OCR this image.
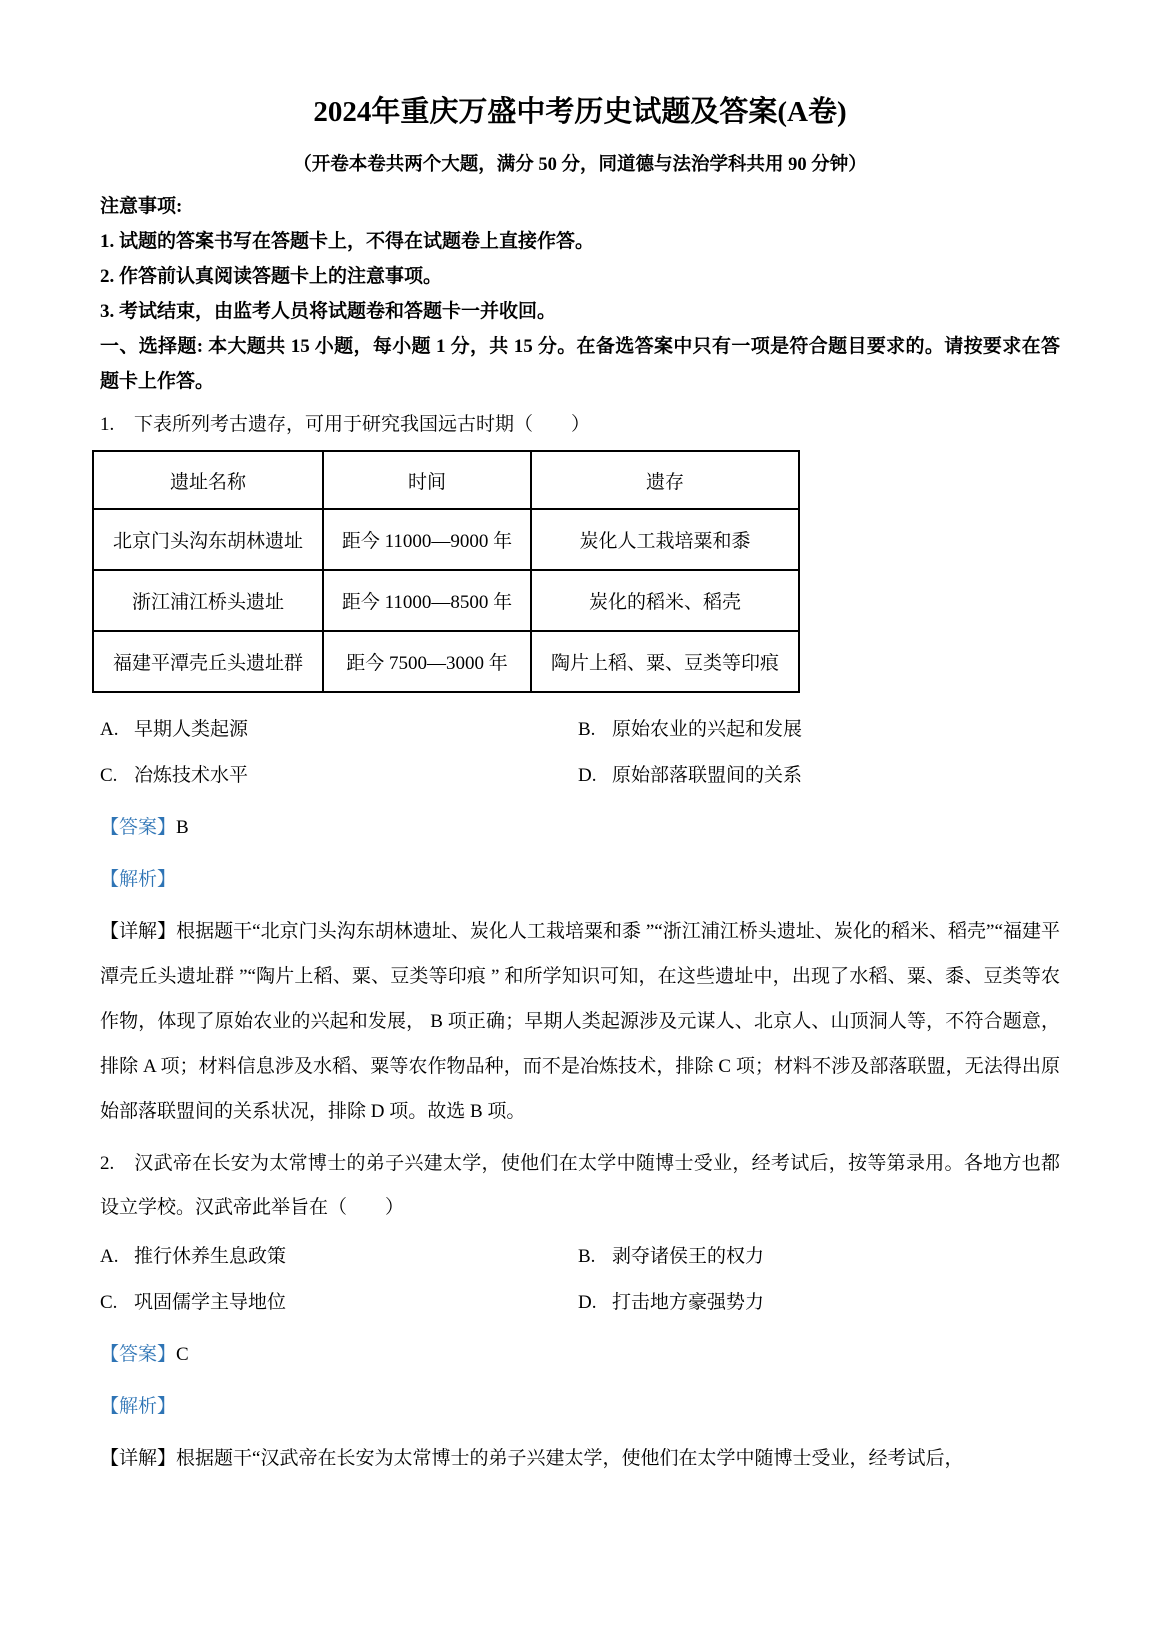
2024年重庆万盛中考历史试题及答案(A卷)

（开卷本卷共两个大题，满分 50 分，同道德与法治学科共用 90 分钟）

注意事项:

1. 试题的答案书写在答题卡上，不得在试题卷上直接作答。

2. 作答前认真阅读答题卡上的注意事项。

3. 考试结束，由监考人员将试题卷和答题卡一并收回。

一、选择题: 本大题共 15 小题，每小题 1 分，共 15 分。在备选答案中只有一项是符合题目要求的。请按要求在答题卡上作答。

1. 下表所列考古遗存，可用于研究我国远古时期（　　）

遗址名称	时间	遗存
北京门头沟东胡林遗址	距今 11000—9000 年	炭化人工栽培粟和黍
浙江浦江桥头遗址	距今 11000—8500 年	炭化的稻米、稻壳
福建平潭壳丘头遗址群	距今 7500—3000 年	陶片上稻、粟、豆类等印痕
A. 早期人类起源	B. 原始农业的兴起和发展
C. 冶炼技术水平	D. 原始部落联盟间的关系

【答案】B

【解析】

【详解】根据题干“北京门头沟东胡林遗址、炭化人工栽培粟和黍 ”“浙江浦江桥头遗址、炭化的稻米、稻壳”“福建平潭壳丘头遗址群 ”“陶片上稻、粟、豆类等印痕 ” 和所学知识可知，在这些遗址中，出现了水稻、粟、黍、豆类等农作物，体现了原始农业的兴起和发展， B 项正确；早期人类起源涉及元谋人、北京人、山顶洞人等，不符合题意，排除 A 项；材料信息涉及水稻、粟等农作物品种，而不是冶炼技术，排除 C 项；材料不涉及部落联盟，无法得出原始部落联盟间的关系状况，排除 D 项。故选 B 项。

2. 汉武帝在长安为太常博士的弟子兴建太学，使他们在太学中随博士受业，经考试后，按等第录用。各地方也都设立学校。汉武帝此举旨在（　　）

A. 推行休养生息政策	B. 剥夺诸侯王的权力
C. 巩固儒学主导地位	D. 打击地方豪强势力

【答案】C

【解析】

【详解】根据题干“汉武帝在长安为太常博士的弟子兴建太学，使他们在太学中随博士受业，经考试后，
